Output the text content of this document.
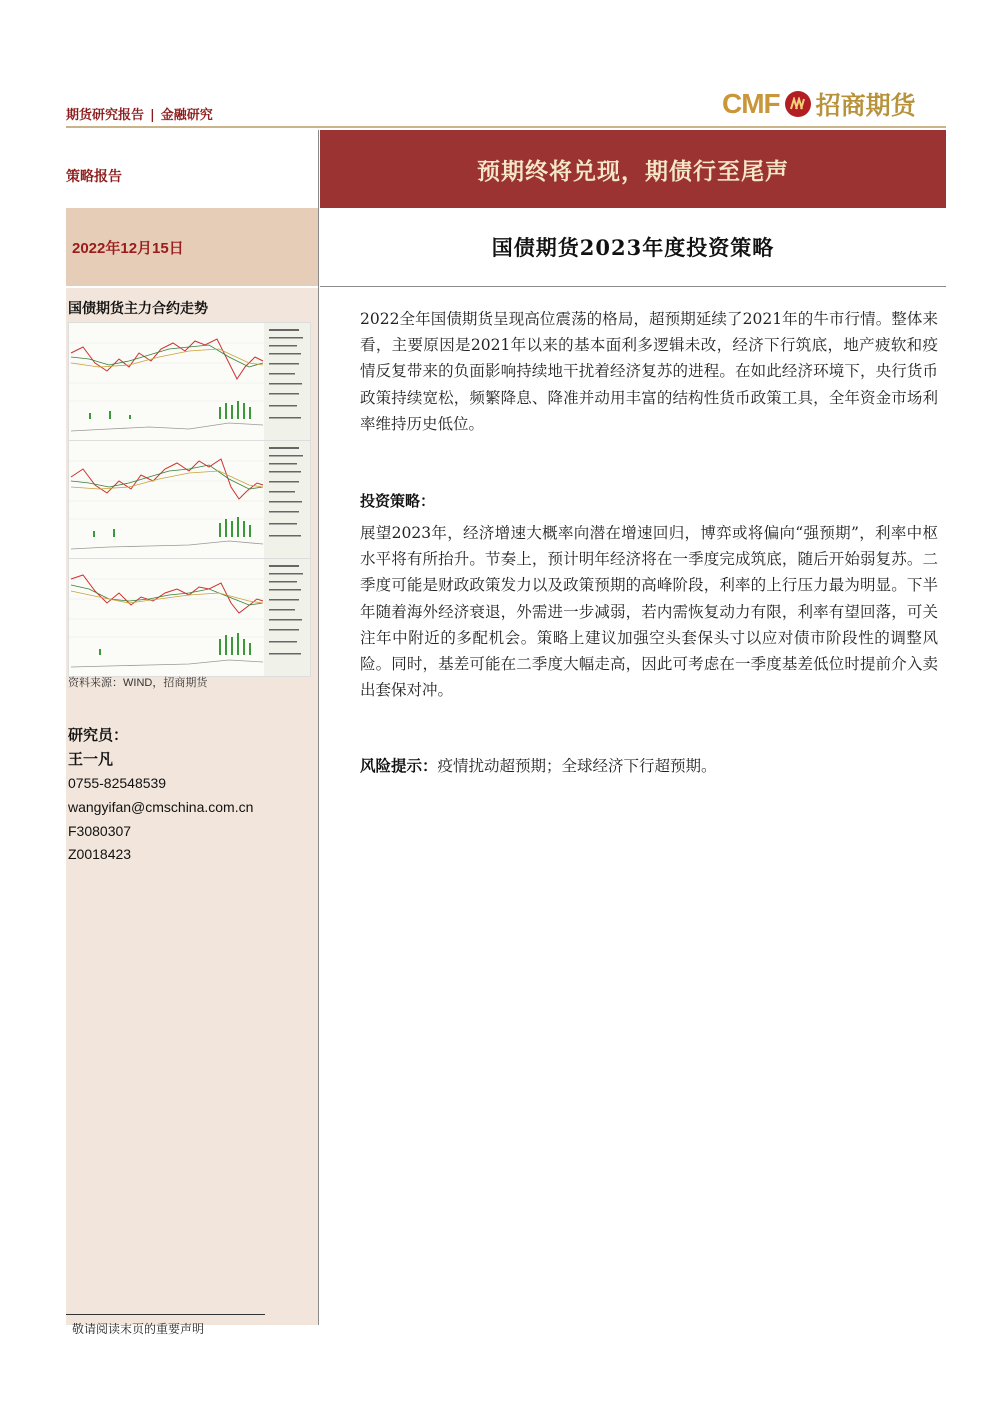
期货研究报告 | 金融研究	CMF 招商期货
策略报告	预期终将兑现，期债行至尾声
2022年12月15日	国债期货2023年度投资策略
国债期货主力合约走势
资料来源：WIND，招商期货
研究员：
王一凡
0755-82548539
wangyifan@cmschina.com.cn
F3080307
Z0018423
2022全年国债期货呈现高位震荡的格局，超预期延续了2021年的牛市行情。整体来看，主要原因是2021年以来的基本面利多逻辑未改，经济下行筑底，地产疲软和疫情反复带来的负面影响持续地干扰着经济复苏的进程。在如此经济环境下，央行货币政策持续宽松，频繁降息、降准并动用丰富的结构性货币政策工具，全年资金市场利率维持历史低位。
投资策略：
展望2023年，经济增速大概率向潜在增速回归，博弈或将偏向“强预期”，利率中枢水平将有所抬升。节奏上，预计明年经济将在一季度完成筑底，随后开始弱复苏。二季度可能是财政政策发力以及政策预期的高峰阶段，利率的上行压力最为明显。下半年随着海外经济衰退，外需进一步减弱，若内需恢复动力有限，利率有望回落，可关注年中附近的多配机会。策略上建议加强空头套保头寸以应对债市阶段性的调整风险。同时，基差可能在二季度大幅走高，因此可考虑在一季度基差低位时提前介入卖出套保对冲。
风险提示：疫情扰动超预期；全球经济下行超预期。
敬请阅读末页的重要声明
